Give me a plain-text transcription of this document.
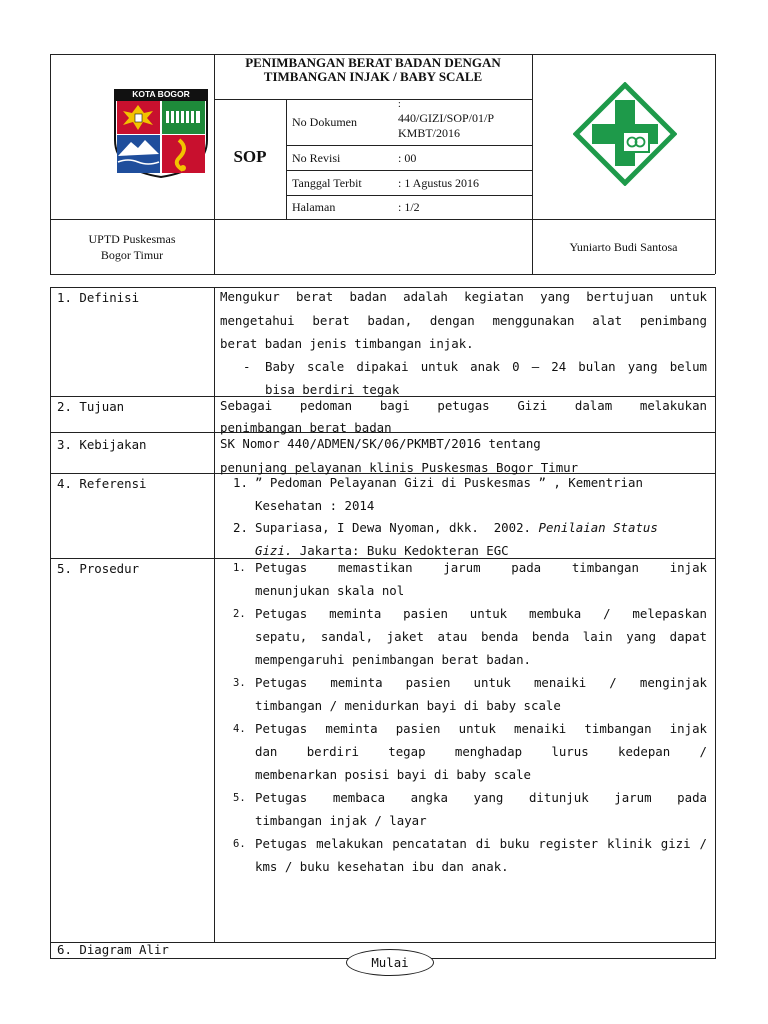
KOTA BOGOR
PENIMBANGAN BERAT BADAN DENGAN
TIMBANGAN INJAK / BABY SCALE
SOP
No Dokumen
:
440/GIZI/SOP/01/P
KMBT/2016
No Revisi	: 00
Tanggal Terbit	: 1 Agustus 2016
Halaman	: 1/2
UPTD Puskesmas
Bogor Timur
Yuniarto Budi Santosa
1. Definisi	Mengukur berat badan adalah kegiatan yang bertujuan untuk
mengetahui berat badan, dengan menggunakan alat penimbang
berat badan jenis timbangan injak.
- Baby scale dipakai untuk anak 0 – 24 bulan yang belum
bisa berdiri tegak
2. Tujuan	Sebagai pedoman bagi petugas Gizi dalam melakukan
penimbangan berat badan
3. Kebijakan	SK Nomor 440/ADMEN/SK/06/PKMBT/2016 tentang
penunjang pelayanan klinis Puskesmas Bogor Timur
4. Referensi	1. ” Pedoman Pelayanan Gizi di Puskesmas ” , Kementrian
Kesehatan : 2014
2. Supariasa, I Dewa Nyoman, dkk.  2002. Penilaian Status
Gizi. Jakarta: Buku Kedokteran EGC
5. Prosedur	1. Petugas memastikan jarum pada timbangan injak
menunjukan skala nol
2. Petugas meminta pasien untuk membuka / melepaskan
sepatu, sandal, jaket atau benda benda lain yang dapat
mempengaruhi penimbangan berat badan.
3. Petugas meminta pasien untuk menaiki / menginjak
timbangan / menidurkan bayi di baby scale
4. Petugas meminta pasien untuk menaiki timbangan injak
dan berdiri tegap menghadap lurus kedepan /
membenarkan posisi bayi di baby scale
5. Petugas membaca angka yang ditunjuk jarum pada
timbangan injak / layar
6. Petugas melakukan pencatatan di buku register klinik gizi /
kms / buku kesehatan ibu dan anak.
6. Diagram Alir
Mulai
